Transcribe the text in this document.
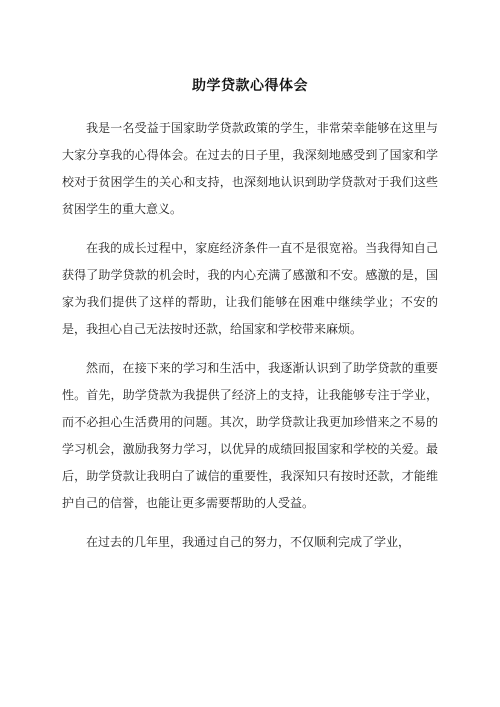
助学贷款心得体会

我是一名受益于国家助学贷款政策的学生，非常荣幸能够在这里与大家分享我的心得体会。在过去的日子里，我深刻地感受到了国家和学校对于贫困学生的关心和支持，也深刻地认识到助学贷款对于我们这些贫困学生的重大意义。

在我的成长过程中，家庭经济条件一直不是很宽裕。当我得知自己获得了助学贷款的机会时，我的内心充满了感激和不安。感激的是，国家为我们提供了这样的帮助，让我们能够在困难中继续学业；不安的是，我担心自己无法按时还款，给国家和学校带来麻烦。

然而，在接下来的学习和生活中，我逐渐认识到了助学贷款的重要性。首先，助学贷款为我提供了经济上的支持，让我能够专注于学业，而不必担心生活费用的问题。其次，助学贷款让我更加珍惜来之不易的学习机会，激励我努力学习，以优异的成绩回报国家和学校的关爱。最后，助学贷款让我明白了诚信的重要性，我深知只有按时还款，才能维护自己的信誉，也能让更多需要帮助的人受益。

在过去的几年里，我通过自己的努力，不仅顺利完成了学业，
